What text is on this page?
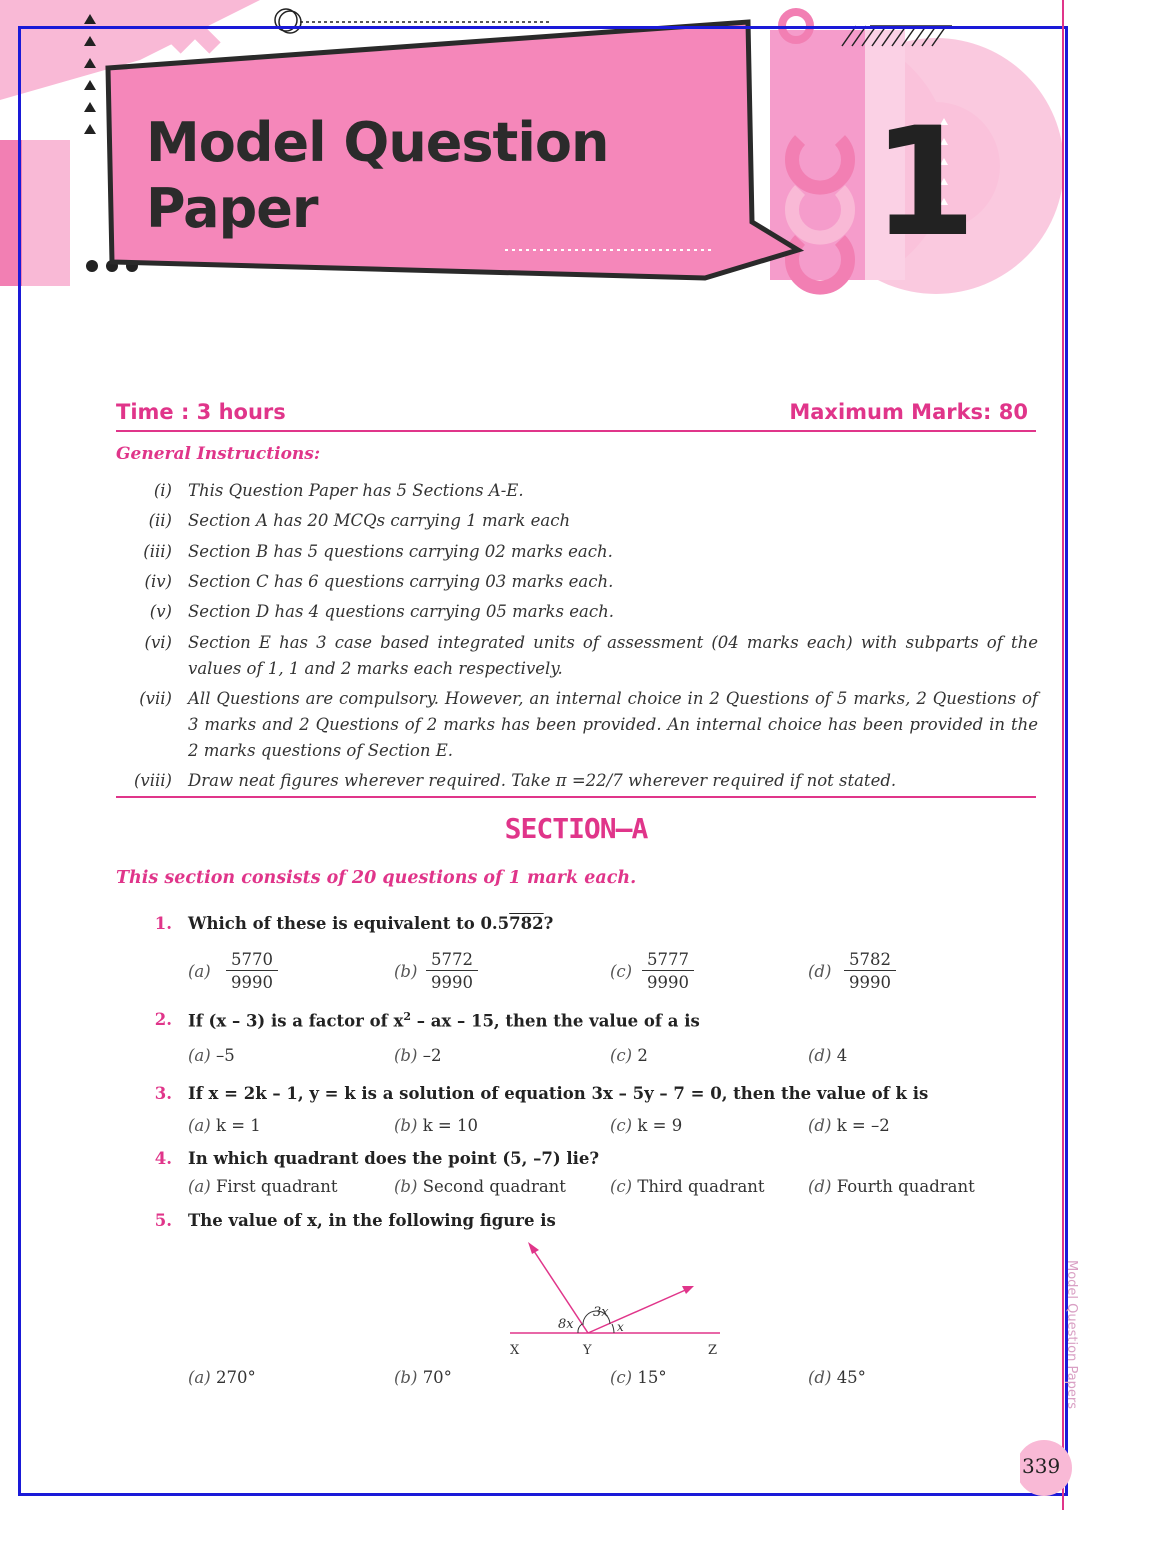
Model Question
Paper	1
Time : 3 hours	Maximum Marks: 80
General Instructions:
(i) This Question Paper has 5 Sections A-E.
(ii) Section A has 20 MCQs carrying 1 mark each
(iii) Section B has 5 questions carrying 02 marks each.
(iv) Section C has 6 questions carrying 03 marks each.
(v) Section D has 4 questions carrying 05 marks each.
(vi) Section E has 3 case based integrated units of assessment (04 marks each) with subparts of the values of 1, 1 and 2 marks each respectively.
(vii) All Questions are compulsory. However, an internal choice in 2 Questions of 5 marks, 2 Questions of 3 marks and 2 Questions of 2 marks has been provided. An internal choice has been provided in the 2 marks questions of Section E.
(viii) Draw neat figures wherever required. Take π =22/7 wherever required if not stated.
SECTION–A
This section consists of 20 questions of 1 mark each.
1. Which of these is equivalent to 0.5782?
$(a) \frac{5770}{9990}$	$(b) \frac{5772}{9990}$	$(c) \frac{5777}{9990}$	$(d) \frac{5782}{9990}$
2. If (x – 3) is a factor of $x^2$ – ax – 15, then the value of a is
(a) –5	(b) –2	(c) 2	(d) 4
3. If x = 2k – 1, y = k is a solution of equation 3x – 5y – 7 = 0, then the value of k is
(a) k = 1	(b) k = 10	(c) k = 9	(d) k = –2
4. In which quadrant does the point (5, –7) lie?
(a) First quadrant	(b) Second quadrant	(c) Third quadrant	(d) Fourth quadrant
5. The value of x, in the following figure is
8x
3x
x
X	Y	Z
(a) 270°	(b) 70°	(c) 15°	(d) 45°	Model Question Papers
339
